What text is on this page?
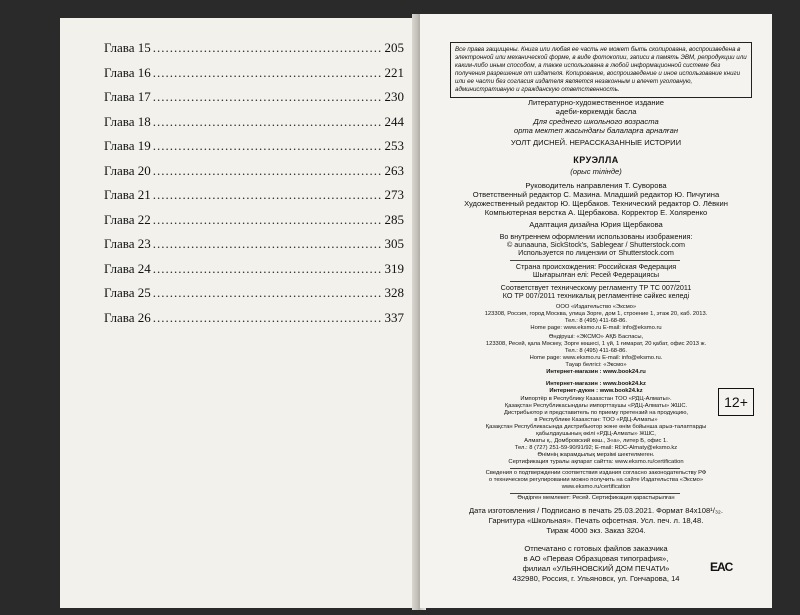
Глава 15 .....	205
Глава 16 .....	221
Глава 17 .....	230
Глава 18 .....	244
Глава 19 .....	253
Глава 20 .....	263
Глава 21 .....	273
Глава 22 .....	285
Глава 23 .....	305
Глава 24 .....	319
Глава 25 .....	328
Глава 26 .....	337
Все права защищены. Книга или любая ее часть не может быть скопирована, воспроизведена в электронной или механической форме, в виде фотокопии, записи в память ЭВМ, репродукции или каким-либо иным способом, а также использована в любой информационной системе без получения разрешения от издателя. Копирование, воспроизведение и иное использование книги или ее части без согласия издателя является незаконным и влечет уголовную, административную и гражданскую ответственность.
Литературно-художественное издание
әдеби-көркемдік басла
Для среднего школьного возраста
орта мектеп жасындағы балаларға арналған
УОЛТ ДИСНЕЙ. НЕРАССКАЗАННЫЕ ИСТОРИИ
КРУЭЛЛА
(орыс тілінде)
Руководитель направления Т. Суворова
Ответственный редактор С. Мазина. Младший редактор Ю. Пичугина
Художественный редактор Ю. Щербаков. Технический редактор О. Лёвкин
Компьютерная верстка А. Щербакова. Корректор Е. Холяренко
Адаптация дизайна Юрия Щербакова
Во внутреннем оформлении использованы изображения:
© aunaauna, SickStock's, Sablegear / Shutterstock.com
Используется по лицензии от Shutterstock.com
Страна происхождения: Российская Федерация
Шығарылған елі: Ресей Федерациясы
Соответствует техническому регламенту ТР ТС 007/2011
КО ТР 007/2011 техникалық регламентіне сәйкес келеді
ООО «Издательство «Эксмо»
123308, Россия, город Москва, улица Зорге, дом 1, строение 1, этаж 20, каб. 2013.
Тел.: 8 (495) 411-68-86.
Home page: www.eksmo.ru E-mail: info@eksmo.ru
Өндіруші: «ЭКСМО» АҚБ Баспасы,
123308, Ресей, қала Мәскеу, Зорге көшесі, 1 үй, 1 ғимарат, 20 қабат, офис 2013 ж.
Тел.: 8 (495) 411-68-86.
Home page: www.eksmo.ru E-mail: info@eksmo.ru.
Тауар белгісі: «Эксмо»
Интернет-магазин : www.book24.ru
12+
Интернет-магазин : www.book24.kz
Интернет-дүкен : www.book24.kz
Импортёр в Республику Казахстан ТОО «РДЦ-Алматы».
Қазақстан Республикасындағы импорттаушы «РДЦ-Алматы» ЖШС.
Дистрибьютор и представитель по приему претензий на продукцию,
в Республике Казахстан: ТОО «РДЦ-Алматы»
Қазақстан Республикасында дистрибьютор және өнім бойынша арыз-талаптарды
қабылдаушының өкілі «РДЦ-Алматы» ЖШС,
Алматы қ., Домбровский көш., 3«а», литер Б, офис 1.
Тел.: 8 (727) 251-59-90/91/92; E-mail: RDC-Almaty@eksmo.kz
Өнімнің жарамдылық мерзімі шектелмеген.
Сертификация туралы ақпарат сайтта: www.eksmo.ru/certification
Сведения о подтверждении соответствия издания согласно законодательству РФ
о техническом регулировании можно получить на сайте Издательства «Эксмо»
www.eksmo.ru/certification
Өндірген мемлекет: Ресей. Сертификация қарастырылған
Дата изготовления / Подписано в печать 25.03.2021. Формат 84x108¹/₃₂.
Гарнитура «Школьная». Печать офсетная. Усл. печ. л. 18,48.
Тираж 4000 экз. Заказ 3204.
Отпечатано с готовых файлов заказчика
в АО «Первая Образцовая типография»,
филиал «УЛЬЯНОВСКИЙ ДОМ ПЕЧАТИ»
432980, Россия, г. Ульяновск, ул. Гончарова, 14
EAC
